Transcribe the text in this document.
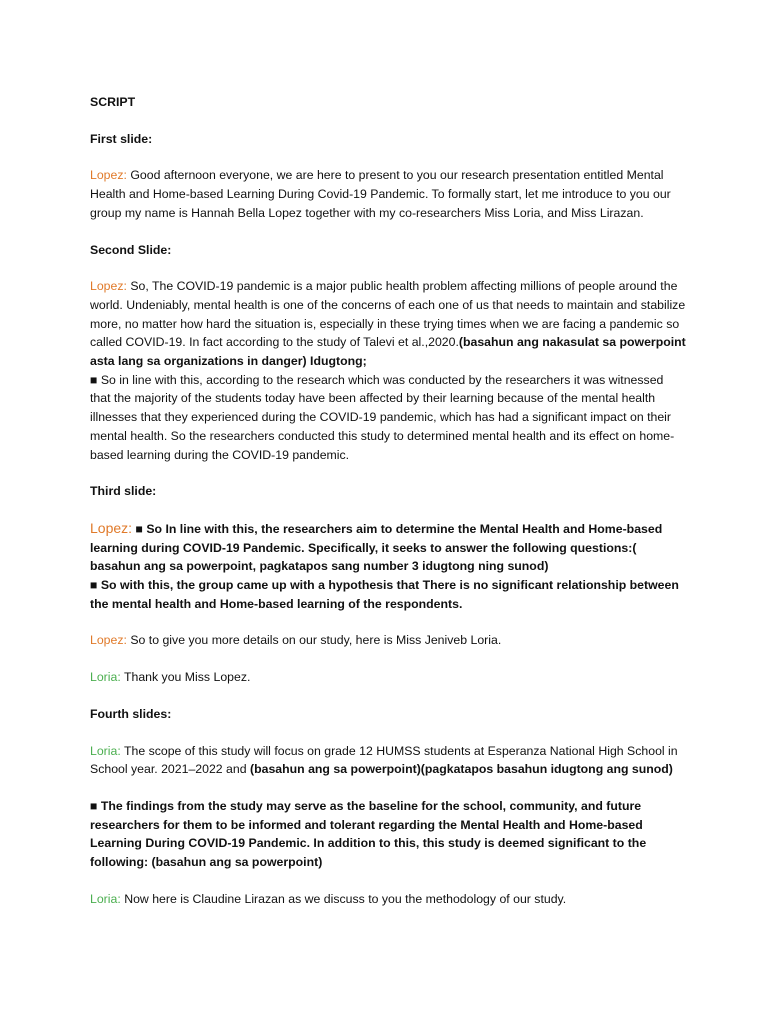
SCRIPT

First slide:

Lopez: Good afternoon everyone, we are here to present to you our research presentation entitled Mental Health and Home-based Learning During Covid-19 Pandemic. To formally start, let me introduce to you our group my name is Hannah Bella Lopez together with my co-researchers Miss Loria, and Miss Lirazan.

Second Slide:

Lopez: So, The COVID-19 pandemic is a major public health problem affecting millions of people around the world. Undeniably, mental health is one of the concerns of each one of us that needs to maintain and stabilize more, no matter how hard the situation is, especially in these trying times when we are facing a pandemic so called COVID-19. In fact according to the study of Talevi et al.,2020.(basahun ang nakasulat sa powerpoint asta lang sa organizations in danger) Idugtong;

■ So in line with this, according to the research which was conducted by the researchers it was witnessed that the majority of the students today have been affected by their learning because of the mental health illnesses that they experienced during the COVID-19 pandemic, which has had a significant impact on their mental health. So the researchers conducted this study to determined mental health and its effect on home-based learning during the COVID-19 pandemic.

Third slide:

Lopez: ■ So In line with this, the researchers aim to determine the Mental Health and Home-based learning during COVID-19 Pandemic. Specifically, it seeks to answer the following questions:( basahun ang sa powerpoint, pagkatapos sang number 3 idugtong ning sunod)

■ So with this, the group came up with a hypothesis that There is no significant relationship between the mental health and Home-based learning of the respondents.

Lopez: So to give you more details on our study, here is Miss Jeniveb Loria.

Loria: Thank you Miss Lopez.

Fourth slides:

Loria: The scope of this study will focus on grade 12 HUMSS students at Esperanza National High School in School year. 2021–2022 and (basahun ang sa powerpoint)(pagkatapos basahun idugtong ang sunod)

■ The findings from the study may serve as the baseline for the school, community, and future researchers for them to be informed and tolerant regarding the Mental Health and Home-based Learning During COVID-19 Pandemic. In addition to this, this study is deemed significant to the following: (basahun ang sa powerpoint)

Loria: Now here is Claudine Lirazan as we discuss to you the methodology of our study.
